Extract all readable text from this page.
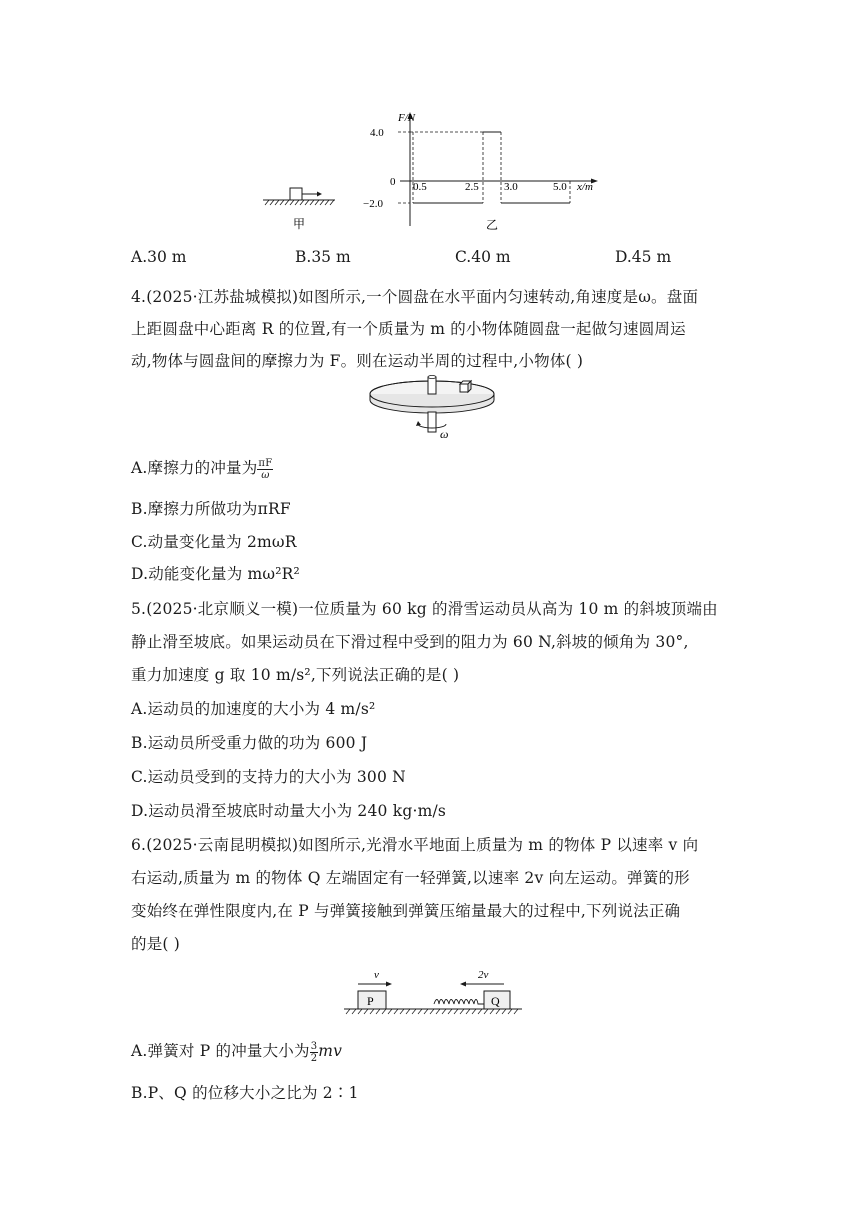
甲
F/N
x/m
4.0
0
−2.0
0.5	2.5 3.0	5.0
乙
A.30 m	B.35 m	C.40 m	D.45 m
4.(2025·江苏盐城模拟)如图所示,一个圆盘在水平面内匀速转动,角速度是ω。盘面
上距圆盘中心距离 R 的位置,有一个质量为 m 的小物体随圆盘一起做匀速圆周运
动,物体与圆盘间的摩擦力为 F。则在运动半周的过程中,小物体( )
ω
A.摩擦力的冲量为 $\frac{\pi F}{\omega}$
B.摩擦力所做功为πRF
C.动量变化量为 2mωR
D.动能变化量为 mω²R²
5.(2025·北京顺义一模)一位质量为 60 kg 的滑雪运动员从高为 10 m 的斜坡顶端由
静止滑至坡底。如果运动员在下滑过程中受到的阻力为 60 N,斜坡的倾角为 30°,
重力加速度 g 取 10 m/s²,下列说法正确的是( )
A.运动员的加速度的大小为 4 m/s²
B.运动员所受重力做的功为 600 J
C.运动员受到的支持力的大小为 300 N
D.运动员滑至坡底时动量大小为 240 kg·m/s
6.(2025·云南昆明模拟)如图所示,光滑水平地面上质量为 m 的物体 P 以速率 v 向
右运动,质量为 m 的物体 Q 左端固定有一轻弹簧,以速率 2v 向左运动。弹簧的形
变始终在弹性限度内,在 P 与弹簧接触到弹簧压缩量最大的过程中,下列说法正确
的是( )
v	2v
P	Q
A.弹簧对 P 的冲量大小为 $\frac{3}{2}$ mv
B.P、Q 的位移大小之比为 2∶1
